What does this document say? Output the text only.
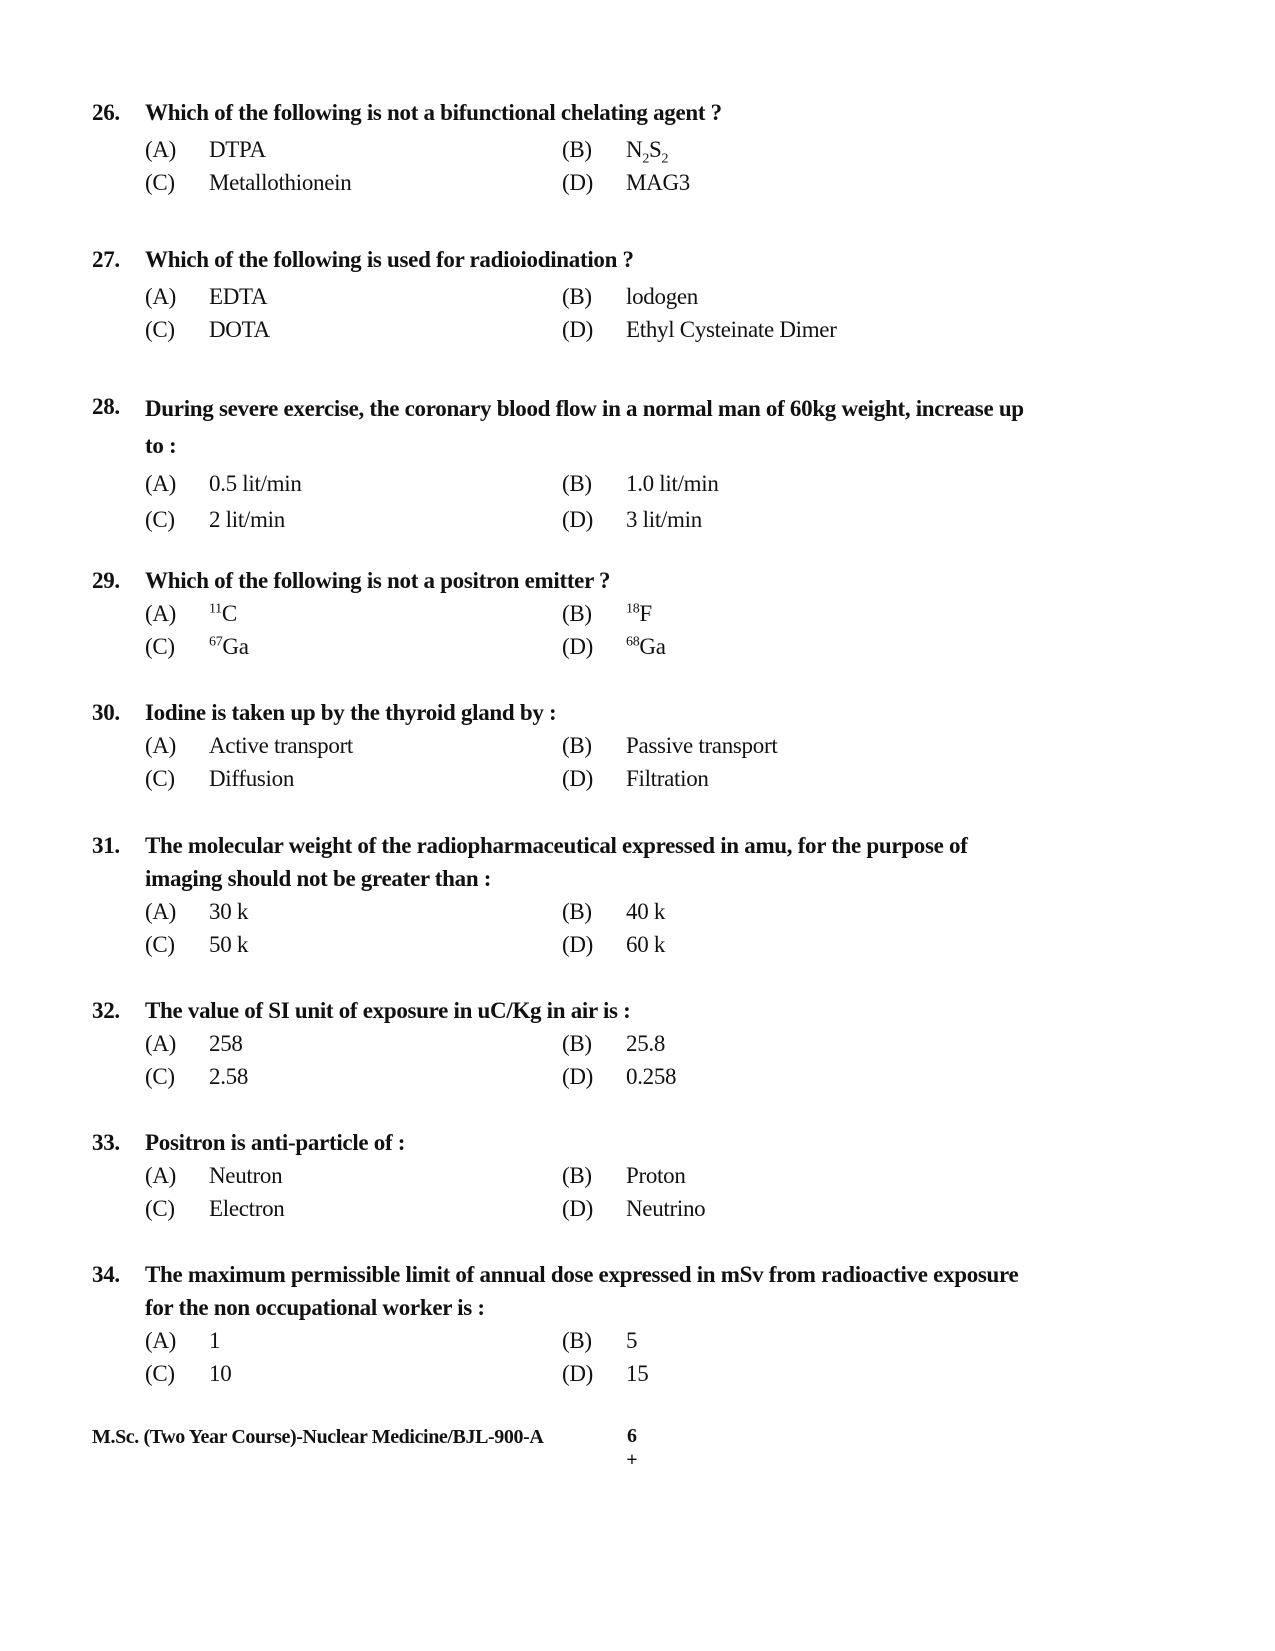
26. Which of the following is not a bifunctional chelating agent ?
(A) DTPA	(B) $N_2S_2$
(C) Metallothionein	(D) MAG3
27. Which of the following is used for radioiodination ?
(A) EDTA	(B) lodogen
(C) DOTA	(D) Ethyl Cysteinate Dimer
28. During severe exercise, the coronary blood flow in a normal man of 60kg weight, increase up
to :
(A) 0.5 lit/min	(B) 1.0 lit/min
(C) 2 lit/min	(D) 3 lit/min
29. Which of the following is not a positron emitter ?
(A) $^{11}$C	(B) $^{18}$F
(C) $^{67}$Ga	(D) $^{68}$Ga
30. Iodine is taken up by the thyroid gland by :
(A) Active transport	(B) Passive transport
(C) Diffusion	(D) Filtration
31. The molecular weight of the radiopharmaceutical expressed in amu, for the purpose of
imaging should not be greater than :
(A) 30 k	(B) 40 k
(C) 50 k	(D) 60 k
32. The value of SI unit of exposure in uC/Kg in air is :
(A) 258	(B) 25.8
(C) 2.58	(D) 0.258
33. Positron is anti-particle of :
(A) Neutron	(B) Proton
(C) Electron	(D) Neutrino
34. The maximum permissible limit of annual dose expressed in mSv from radioactive exposure
for the non occupational worker is :
(A) 1	(B) 5
(C) 10	(D) 15
M.Sc. (Two Year Course)-Nuclear Medicine/BJL-900-A	6
+
